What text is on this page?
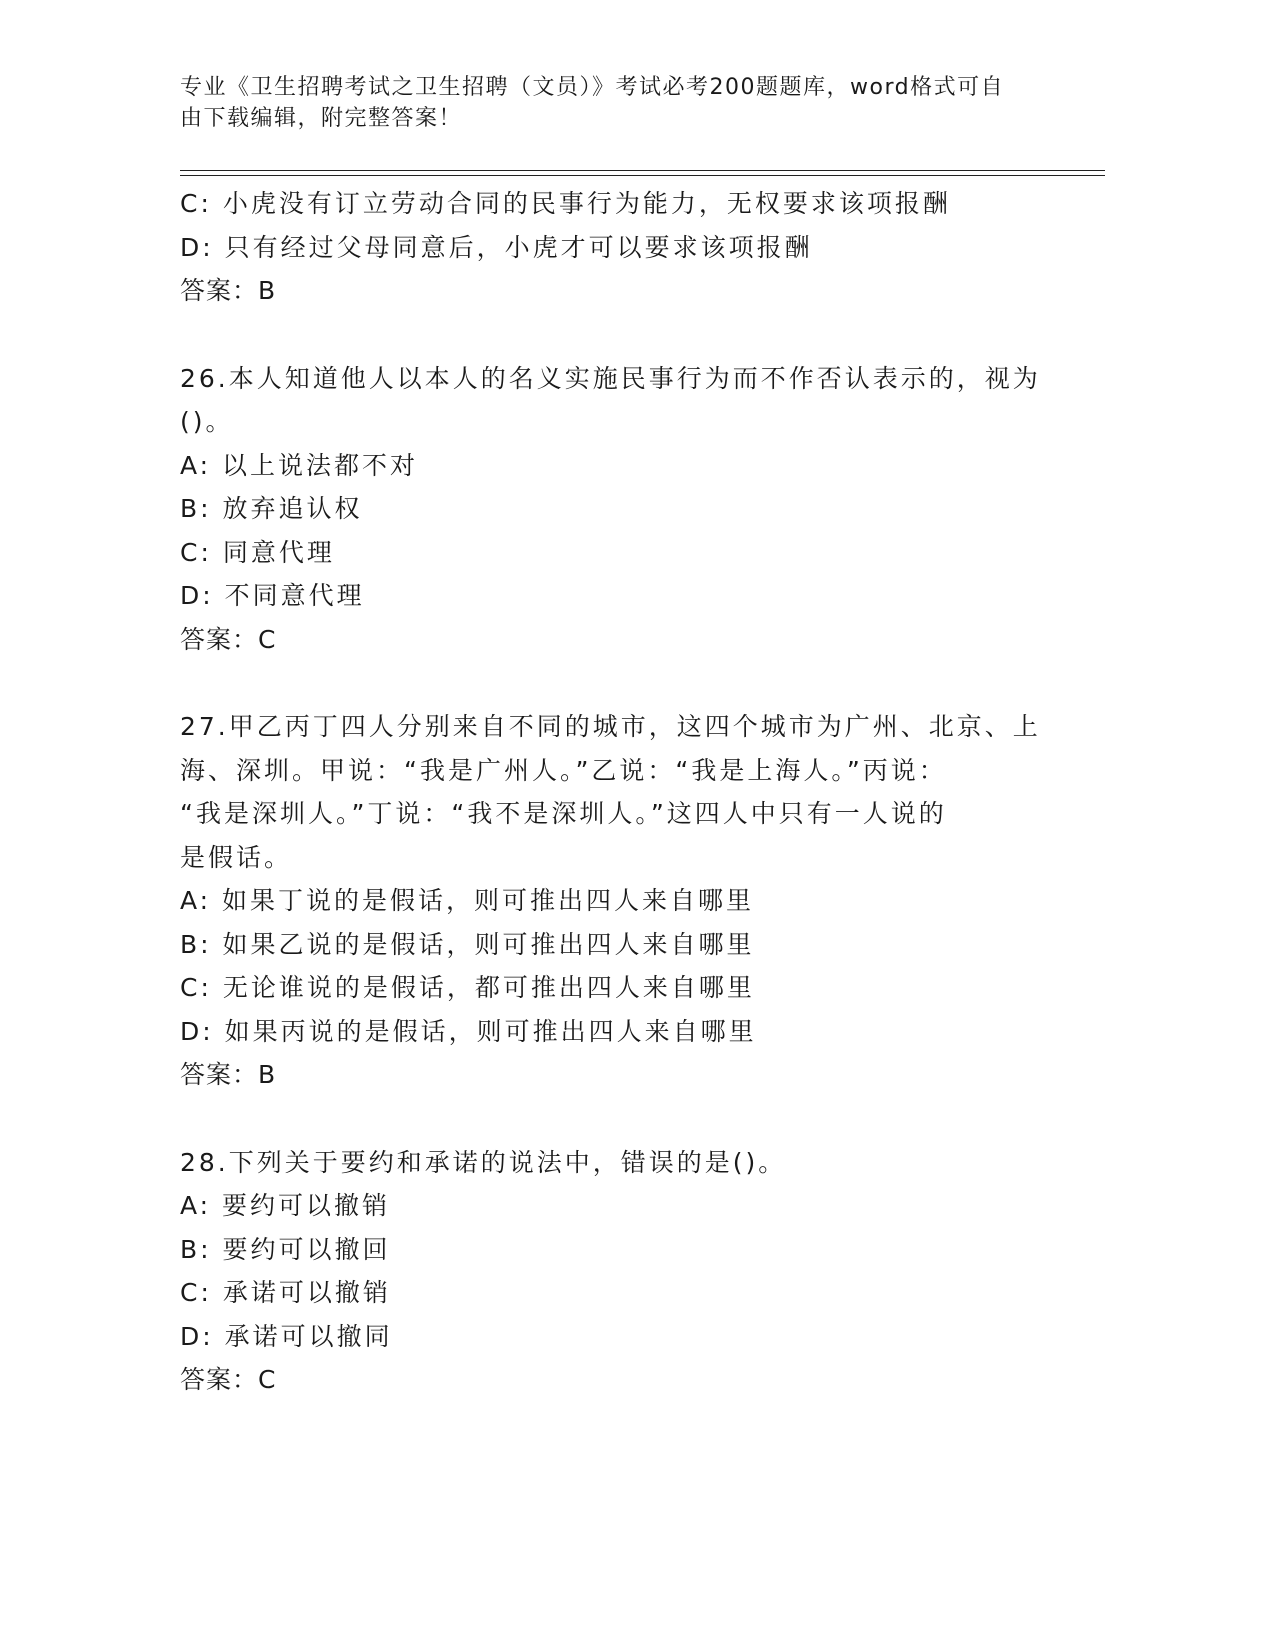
专业《卫生招聘考试之卫生招聘（文员）》考试必考200题题库，word格式可自
由下载编辑，附完整答案！
C: 小虎没有订立劳动合同的民事行为能力，无权要求该项报酬
D: 只有经过父母同意后，小虎才可以要求该项报酬
答案：B
26.本人知道他人以本人的名义实施民事行为而不作否认表示的，视为
()。
A: 以上说法都不对
B: 放弃追认权
C: 同意代理
D: 不同意代理
答案：C
27.甲乙丙丁四人分别来自不同的城市，这四个城市为广州、北京、上
海、深圳。甲说：“我是广州人。”乙说：“我是上海人。”丙说：
“我是深圳人。”丁说：“我不是深圳人。”这四人中只有一人说的
是假话。
A: 如果丁说的是假话，则可推出四人来自哪里
B: 如果乙说的是假话，则可推出四人来自哪里
C: 无论谁说的是假话，都可推出四人来自哪里
D: 如果丙说的是假话，则可推出四人来自哪里
答案：B
28.下列关于要约和承诺的说法中，错误的是()。
A: 要约可以撤销
B: 要约可以撤回
C: 承诺可以撤销
D: 承诺可以撤同
答案：C
